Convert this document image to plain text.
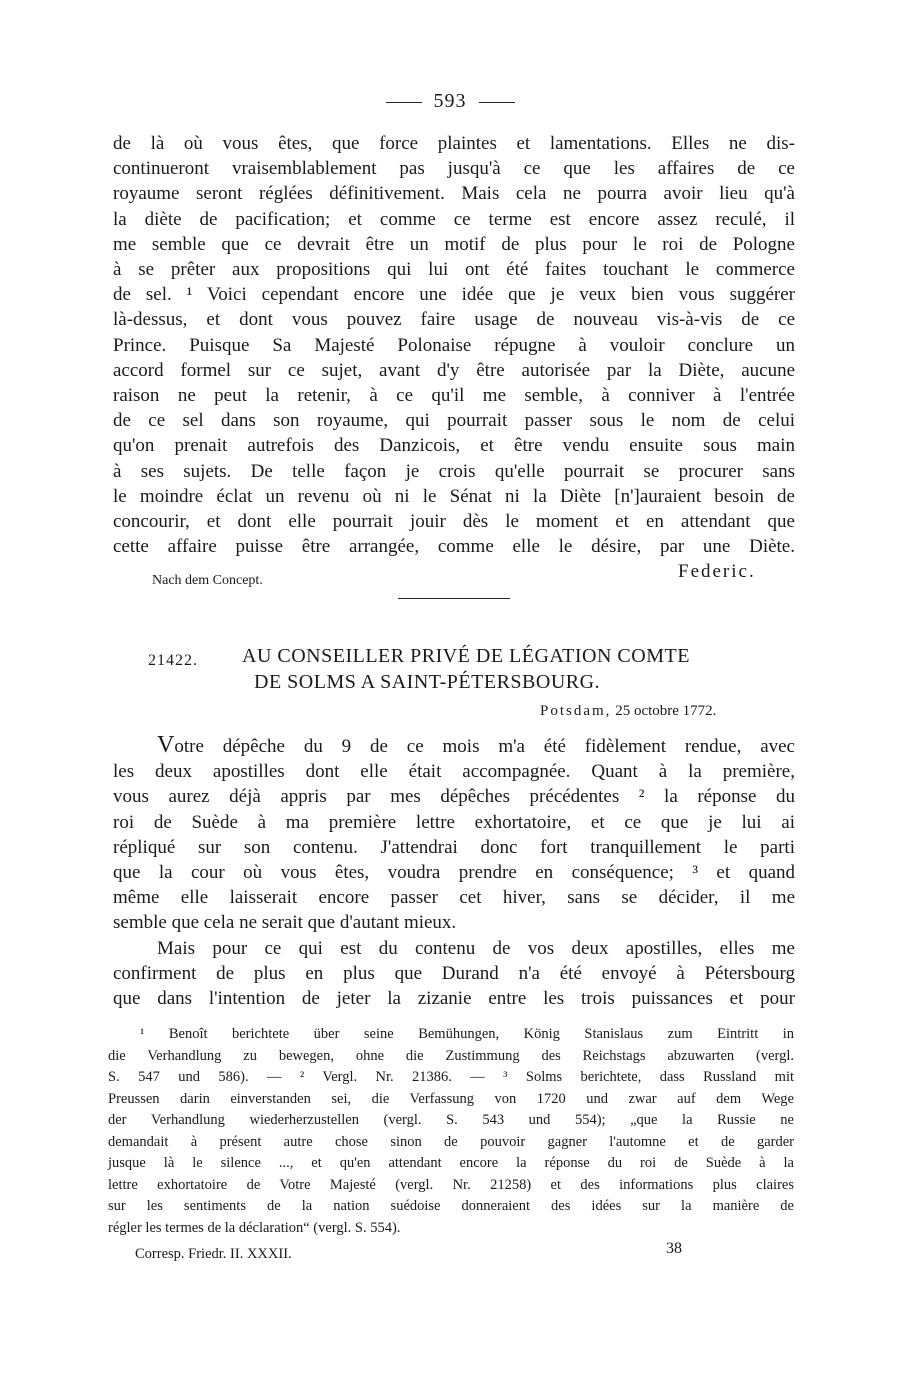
593
de là où vous êtes, que force plaintes et lamentations. Elles ne dis-
continueront vraisemblablement pas jusqu'à ce que les affaires de ce
royaume seront réglées définitivement. Mais cela ne pourra avoir lieu qu'à
la diète de pacification; et comme ce terme est encore assez reculé, il
me semble que ce devrait être un motif de plus pour le roi de Pologne
à se prêter aux propositions qui lui ont été faites touchant le commerce
de sel. ¹ Voici cependant encore une idée que je veux bien vous suggérer
là-dessus, et dont vous pouvez faire usage de nouveau vis-à-vis de ce
Prince. Puisque Sa Majesté Polonaise répugne à vouloir conclure un
accord formel sur ce sujet, avant d'y être autorisée par la Diète, aucune
raison ne peut la retenir, à ce qu'il me semble, à conniver à l'entrée
de ce sel dans son royaume, qui pourrait passer sous le nom de celui
qu'on prenait autrefois des Danzicois, et être vendu ensuite sous main
à ses sujets. De telle façon je crois qu'elle pourrait se procurer sans
le moindre éclat un revenu où ni le Sénat ni la Diète [n']auraient besoin de
concourir, et dont elle pourrait jouir dès le moment et en attendant que
cette affaire puisse être arrangée, comme elle le désire, par une Diète.
Nach dem Concept.	Federic.
21422. AU CONSEILLER PRIVÉ DE LÉGATION COMTE
DE SOLMS A SAINT-PÉTERSBOURG.
Potsdam, 25 octobre 1772.
Votre dépêche du 9 de ce mois m'a été fidèlement rendue, avec
les deux apostilles dont elle était accompagnée. Quant à la première,
vous aurez déjà appris par mes dépêches précédentes ² la réponse du
roi de Suède à ma première lettre exhortatoire, et ce que je lui ai
répliqué sur son contenu. J'attendrai donc fort tranquillement le parti
que la cour où vous êtes, voudra prendre en conséquence; ³ et quand
même elle laisserait encore passer cet hiver, sans se décider, il me
semble que cela ne serait que d'autant mieux.
Mais pour ce qui est du contenu de vos deux apostilles, elles me
confirment de plus en plus que Durand n'a été envoyé à Pétersbourg
que dans l'intention de jeter la zizanie entre les trois puissances et pour
¹ Benoît berichtete über seine Bemühungen, König Stanislaus zum Eintritt in
die Verhandlung zu bewegen, ohne die Zustimmung des Reichstags abzuwarten (vergl.
S. 547 und 586). — ² Vergl. Nr. 21386. — ³ Solms berichtete, dass Russland mit
Preussen darin einverstanden sei, die Verfassung von 1720 und zwar auf dem Wege
der Verhandlung wiederherzustellen (vergl. S. 543 und 554); „que la Russie ne
demandait à présent autre chose sinon de pouvoir gagner l'automne et de garder
jusque là le silence ..., et qu'en attendant encore la réponse du roi de Suède à la
lettre exhortatoire de Votre Majesté (vergl. Nr. 21258) et des informations plus claires
sur les sentiments de la nation suédoise donneraient des idées sur la manière de
régler les termes de la déclaration“ (vergl. S. 554).
Corresp. Friedr. II. XXXII.	38
